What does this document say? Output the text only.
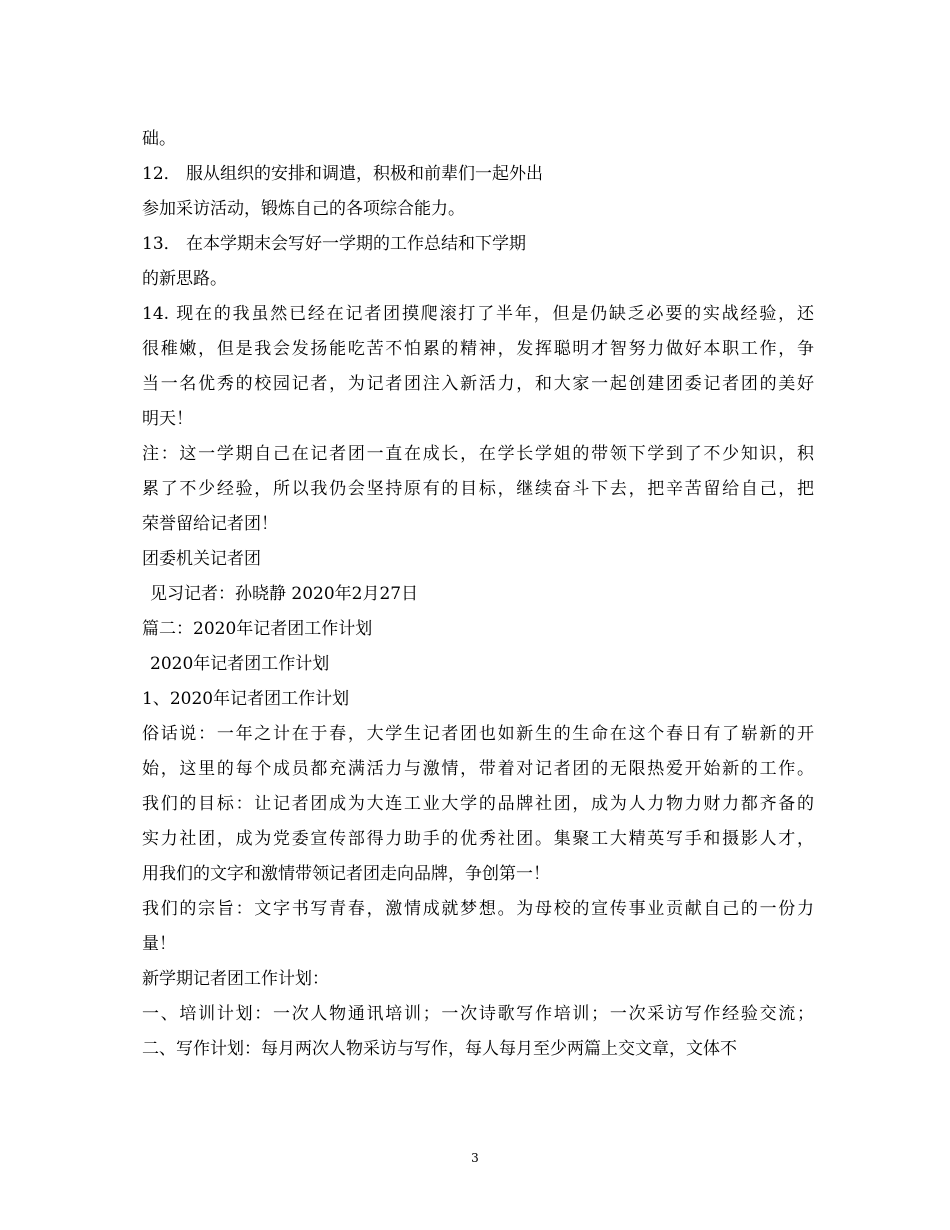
础。
12． 服从组织的安排和调遣，积极和前辈们一起外出
参加采访活动，锻炼自己的各项综合能力。
13． 在本学期末会写好一学期的工作总结和下学期
的新思路。
14. 现在的我虽然已经在记者团摸爬滚打了半年，但是仍缺乏必要的实战经验，还
很稚嫩，但是我会发扬能吃苦不怕累的精神，发挥聪明才智努力做好本职工作，争
当一名优秀的校园记者，为记者团注入新活力，和大家一起创建团委记者团的美好
明天！
注：这一学期自己在记者团一直在成长，在学长学姐的带领下学到了不少知识，积
累了不少经验，所以我仍会坚持原有的目标，继续奋斗下去，把辛苦留给自己，把
荣誉留给记者团！
团委机关记者团
见习记者：孙晓静 2020年2月27日
篇二：2020年记者团工作计划
2020年记者团工作计划
1、2020年记者团工作计划
俗话说：一年之计在于春，大学生记者团也如新生的生命在这个春日有了崭新的开
始，这里的每个成员都充满活力与激情，带着对记者团的无限热爱开始新的工作。
我们的目标：让记者团成为大连工业大学的品牌社团，成为人力物力财力都齐备的
实力社团，成为党委宣传部得力助手的优秀社团。集聚工大精英写手和摄影人才，
用我们的文字和激情带领记者团走向品牌，争创第一！
我们的宗旨：文字书写青春，激情成就梦想。为母校的宣传事业贡献自己的一份力
量！
新学期记者团工作计划：
一、培训计划：一次人物通讯培训；一次诗歌写作培训；一次采访写作经验交流；
二、写作计划：每月两次人物采访与写作，每人每月至少两篇上交文章，文体不
3
